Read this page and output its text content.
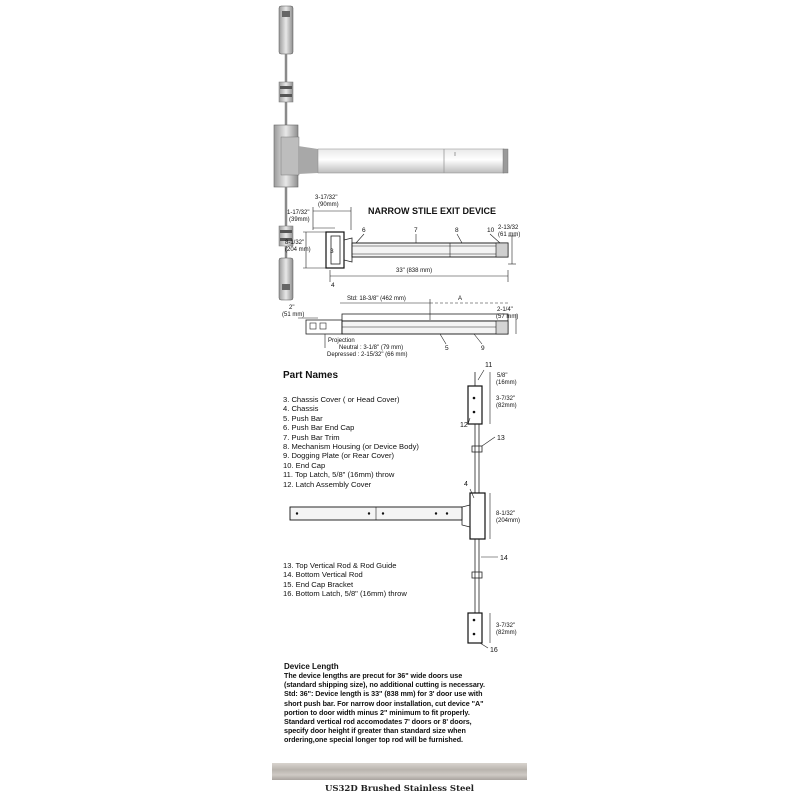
NARROW STILE EXIT DEVICE
3-17/32"
(90mm)
1-17/32"
(39mm)
8-1/32"
(204 mm)
2-13/32
(61 mm)
33" (838 mm)
3
4
6	7	8	10
Std: 18-3/8" (462 mm)	A
2"
(51 mm)
2-1/4"
(57 mm)
Projection
Neutral : 3-1/8" (79 mm)
Depressed : 2-15/32" (66 mm)
5	9
11
5/8"
(16mm)
3-7/32"
(82mm)
12
13
4
8-1/32"
(204mm)
14
3-7/32"
(82mm)
16
Part Names
3. Chassis Cover ( or Head Cover)
4. Chassis
5. Push Bar
6. Push Bar End Cap
7. Push Bar Trim
8. Mechanism Housing (or Device Body)
9. Dogging Plate (or Rear Cover)
10. End Cap
11. Top Latch, 5/8" (16mm) throw
12. Latch Assembly Cover
13. Top Vertical Rod & Rod Guide
14. Bottom Vertical Rod
15. End Cap Bracket
16. Bottom Latch, 5/8" (16mm) throw
Device Length

The device lengths are precut for 36" wide doors use

(standard shipping size), no additional cutting is necessary.

Std: 36": Device length is 33" (838 mm) for 3' door use with

short push bar. For narrow door installation, cut device "A"

portion to door width minus 2" minimum to fit properly.

Standard vertical rod accomodates 7' doors or 8' doors,

specify door height if greater than standard size when

ordering,one special longer top rod will be furnished.

US32D Brushed Stainless Steel
